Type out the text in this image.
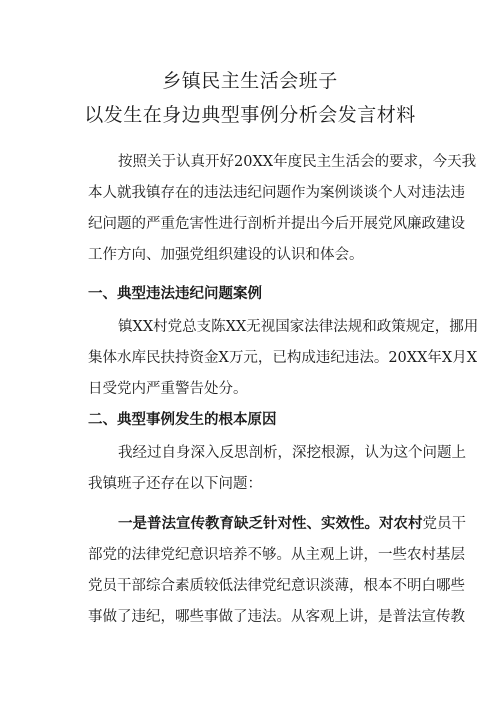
乡镇民主生活会班子
以发生在身边典型事例分析会发言材料
按照关于认真开好20XX年度民主生活会的要求，今天我
本人就我镇存在的违法违纪问题作为案例谈谈个人对违法违
纪问题的严重危害性进行剖析并提出今后开展党风廉政建设
工作方向、加强党组织建设的认识和体会。
一、典型违法违纪问题案例
镇XX村党总支陈XX无视国家法律法规和政策规定，挪用
集体水库民扶持资金X万元，已构成违纪违法。20XX年X月X
日受党内严重警告处分。
二、典型事例发生的根本原因
我经过自身深入反思剖析，深挖根源，认为这个问题上
我镇班子还存在以下问题：
一是普法宣传教育缺乏针对性、实效性。对农村党员干
部党的法律党纪意识培养不够。从主观上讲，一些农村基层
党员干部综合素质较低法律党纪意识淡薄，根本不明白哪些
事做了违纪，哪些事做了违法。从客观上讲，是普法宣传教
